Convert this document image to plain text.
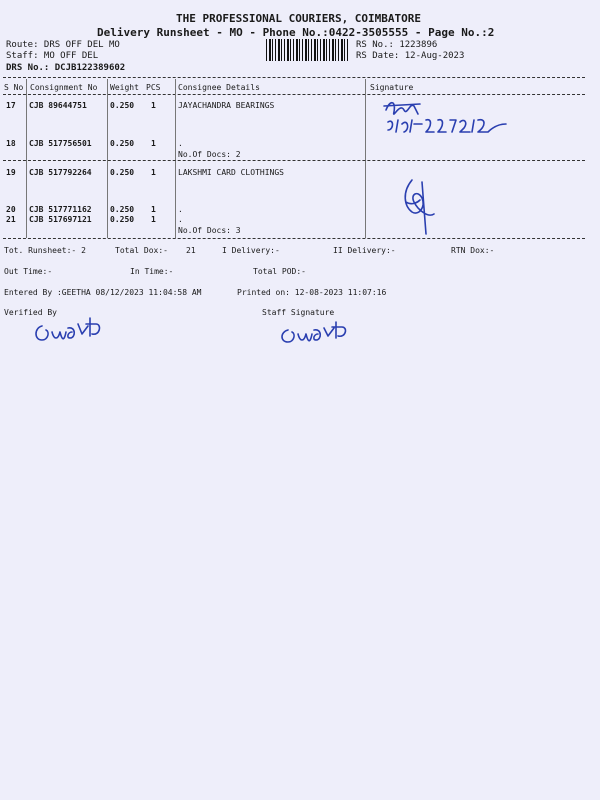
THE PROFESSIONAL COURIERS, COIMBATORE
Delivery Runsheet - MO - Phone No.:0422-3505555 - Page No.:2
Route: DRS OFF DEL MO
Staff: MO OFF DEL
DRS No.: DCJB122389602
RS No.: 1223896
RS Date: 12-Aug-2023
S No Consignment No Weight PCS Consignee Details	Signature
17 CJB 89644751	0.250 1	JAYACHANDRA BEARINGS
18 CJB 517756501 0.250 1	.
No.Of Docs: 2
19 CJB 517792264 0.250 1	LAKSHMI CARD CLOTHINGS
20 CJB 517771162 0.250 1	.
21 CJB 517697121 0.250 1	.
No.Of Docs: 3
Tot. Runsheet:- 2	Total Dox:- 21	I Delivery:-	II Delivery:-	RTN Dox:-
Out Time:-	In Time:-	Total POD:-
Entered By :GEETHA 08/12/2023 11:04:58 AM	Printed on: 12-08-2023 11:07:16
Verified By	Staff Signature
